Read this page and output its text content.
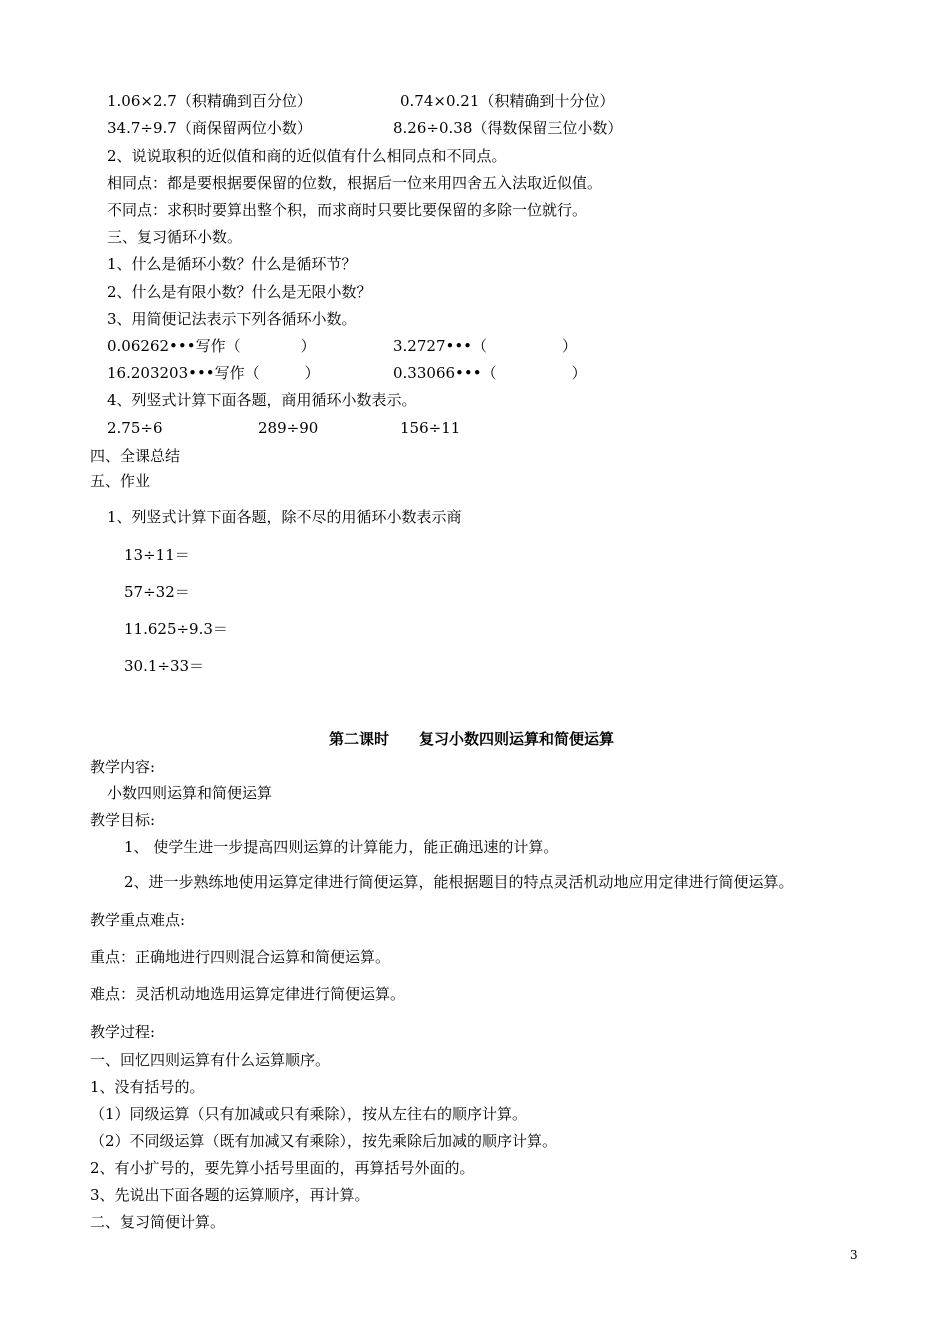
1.06×2.7（积精确到百分位）	0.74×0.21（积精确到十分位）
34.7÷9.7（商保留两位小数）	8.26÷0.38（得数保留三位小数）
2、说说取积的近似值和商的近似值有什么相同点和不同点。
相同点：都是要根据要保留的位数，根据后一位来用四舍五入法取近似值。
不同点：求积时要算出整个积，而求商时只要比要保留的多除一位就行。
三、复习循环小数。
1、什么是循环小数？什么是循环节？
2、什么是有限小数？什么是无限小数？
3、用简便记法表示下列各循环小数。
0.06262•••写作（　　　　）	3.2727•••（　　　　　）
16.203203•••写作（　　　）	0.33066•••（　　　　　）
4、列竖式计算下面各题，商用循环小数表示。
2.75÷6	289÷90	156÷11
四、全课总结
五、作业
1、列竖式计算下面各题，除不尽的用循环小数表示商
13÷11＝
57÷32＝
11.625÷9.3＝
第二课时　　复习小数四则运算和简便运算
30.1÷33＝
教学内容:
小数四则运算和简便运算
教学目标:
1、 使学生进一步提高四则运算的计算能力，能正确迅速的计算。
2、进一步熟练地使用运算定律进行简便运算，能根据题目的特点灵活机动地应用定律进行简便运算。
教学重点难点:
重点：正确地进行四则混合运算和简便运算。
难点：灵活机动地选用运算定律进行简便运算。
教学过程:
一、回忆四则运算有什么运算顺序。
1、没有括号的。
（1）同级运算（只有加减或只有乘除），按从左往右的顺序计算。
（2）不同级运算（既有加减又有乘除），按先乘除后加减的顺序计算。
2、有小扩号的，要先算小括号里面的，再算括号外面的。
3、先说出下面各题的运算顺序，再计算。
二、复习简便计算。
3
